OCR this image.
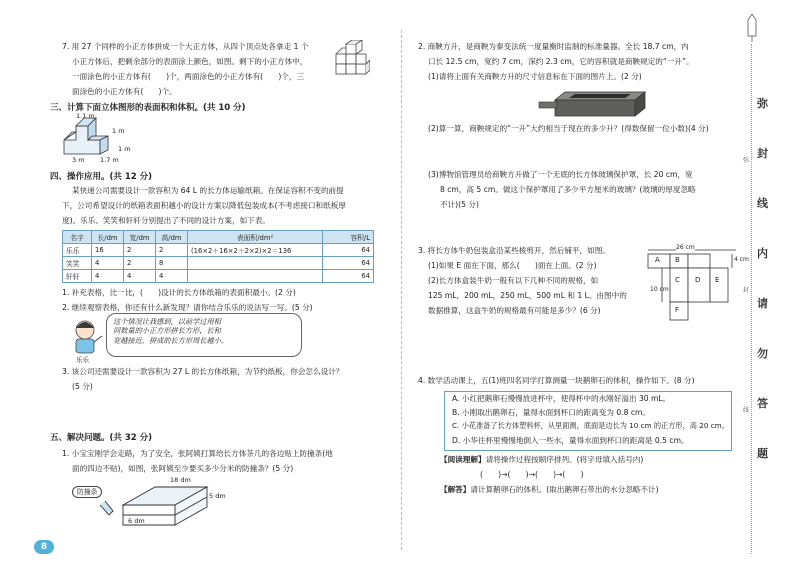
7. 用 27 个同样的小正方体拼成一个大正方体，从四个顶点处各拿走 1 个
小正方体后，把剩余部分的表面涂上颜色，如图。剩下的小正方体中，
一面涂色的小正方体有(　　)个，两面涂色的小正方体有(　　)个，三
面涂色的小正方体有(　　)个。
三、计算下面立体图形的表面积和体积。(共 10 分)
1.1 m
1 m
3 m 1.7 m
1 m
四、操作应用。(共 12 分)
某快递公司需要设计一款容积为 64 L 的长方体运输纸箱。在保证容积不变的前提
下，公司希望设计的纸箱表面积越小的设计方案以降低包装成本(不考虑接口和纸板厚
度)。乐乐、笑笑和轩轩分别提出了不同的设计方案，如下表。
名字	长/dm	宽/dm	高/dm	表面积/dm²	容积/L
乐乐	16	2	2	(16×2＋16×2＋2×2)×2＝136	64
笑笑	4	2	8		64
轩轩	4	4	4		64
1. 补充表格，比一比，(　　)设计的长方体纸箱的表面积最小。(2 分)
2. 继续观察表格，你还有什么新发现？请你结合乐乐的说法写一写。(5 分)
乐乐
这个情况让我感到，以前学过用相
同数量的小正方形拼长方形，长和
宽越接近，拼成的长方形周长越小。
3. 该公司还需要设计一款容积为 27 L 的长方体纸箱，为节约纸板，你会怎么设计？
(5 分)
五、解决问题。(共 32 分)
1. 小宝宝刚学会走路，为了安全，张阿姨打算给长方体茶几的各边贴上防撞条(地
面的四边不贴)，如图，张阿姨至少要买多少分米的防撞条？(5 分)
防撞条
18 dm
5 dm
6 dm
8
2. 商鞅方升，是商鞅为秦变法统一度量衡时监制的标准量器。全长 18.7 cm，内
口长 12.5 cm，宽约 7 cm，深约 2.3 cm，它的容积就是商鞅规定的“一升”。
(1)请将上面有关商鞅方升的尺寸信息标在下面的图片上。(2 分)
(2)算一算，商鞅规定的“一升”大约相当于现在的多少升？(得数保留一位小数)(4 分)
(3)博物馆管理员给商鞅方升做了一个无底的长方体玻璃保护罩，长 20 cm，宽
8 cm，高 5 cm。做这个保护罩用了多少平方厘米的玻璃？(玻璃的厚度忽略
不计)(5 分)
3. 将长方体牛奶包装盒沿某些棱剪开，然后铺平，如图。
(1)如果 E 面在下面，那么(　　)面在上面。(2 分)
(2)长方体盒装牛奶一般有以下几种不同的规格，如
125 mL，200 mL，250 mL，500 mL 和 1 L。由图中的
数据推算，这盒牛奶的规格最有可能是多少？(6 分)
26 cm
4 cm
10 cm
A B
C D E
F
4. 数学活动课上，五(1)班四名同学打算测量一块鹅卵石的体积，操作如下。(8 分)
A. 小红把鹅卵石慢慢放进杯中，使得杯中的水刚好溢出 30 mL。
B. 小刚取出鹅卵石，量得水面到杯口的距离变为 0.8 cm。
C. 小花准备了长方体塑料杯，从里面测，底面是边长为 10 cm 的正方形，高 20 cm。
D. 小华往杯里慢慢地倒入一些水，量得水面到杯口的距离是 0.5 cm。
【阅读理解】请将操作过程按顺序排列。(将字母填入括号内)
(　　)→(　　)→(　　)→(　　)
【解答】请计算鹅卵石的体积。(取出鹅卵石带出的水分忽略不计)
弥
封
线
内
请
勿
答
题
弥
封
线
